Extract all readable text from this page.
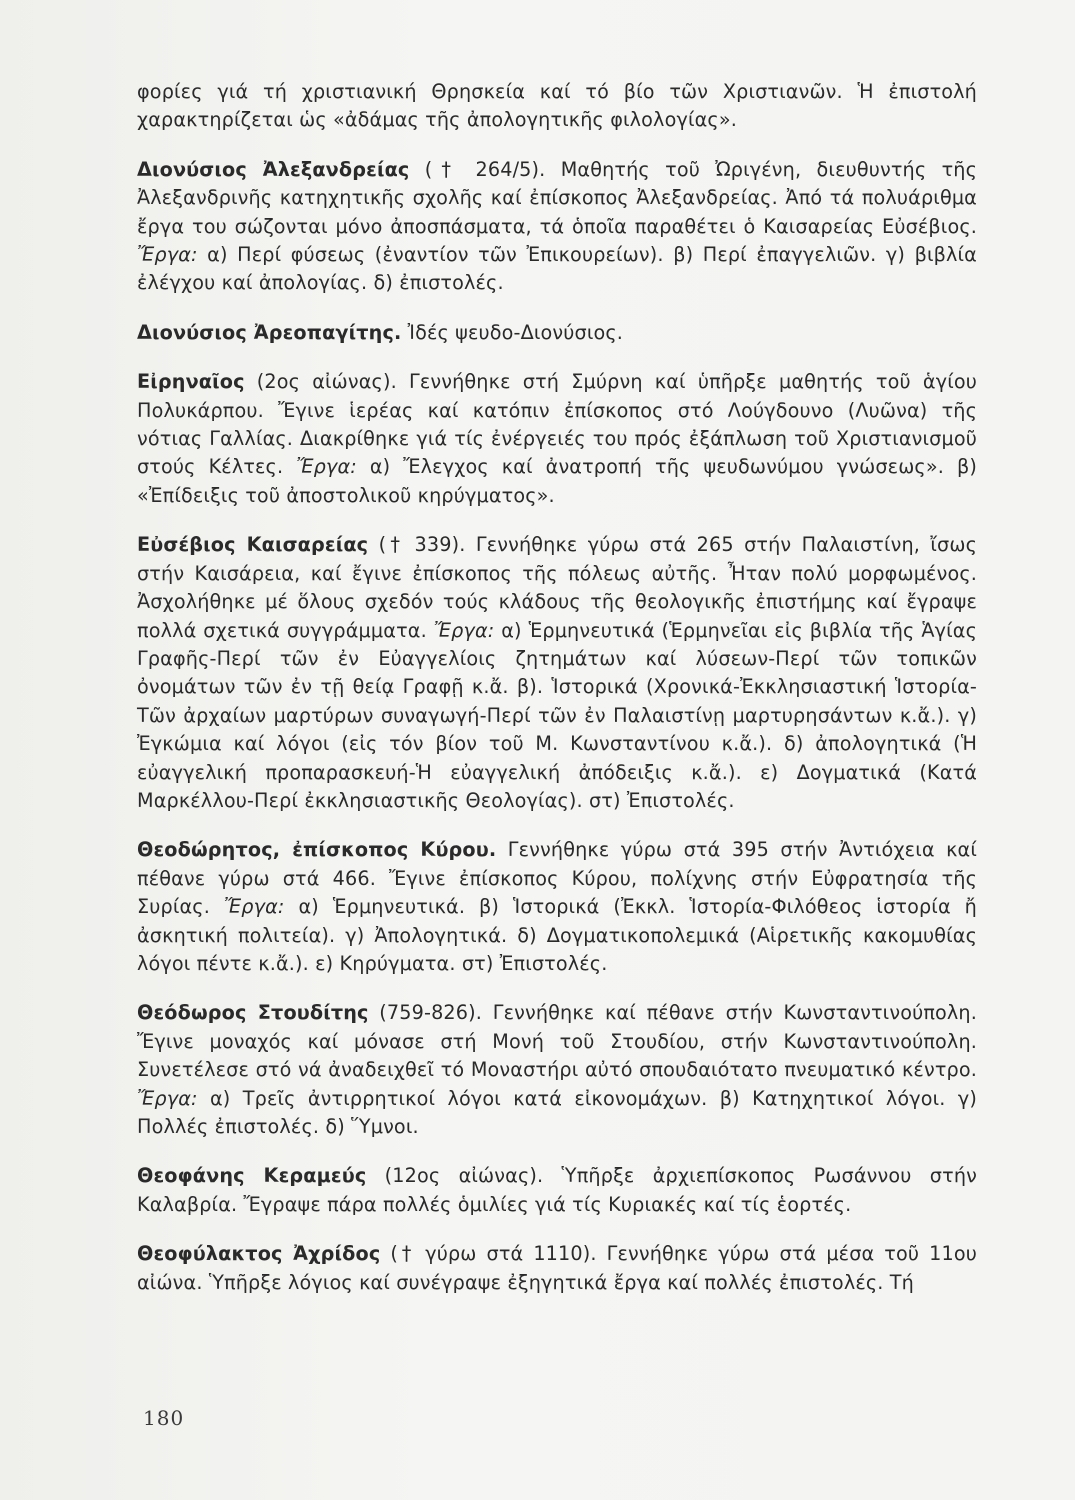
φορίες γιά τή χριστιανική Θρησκεία καί τό βίο τῶν Χριστιανῶν. Ἡ ἐπιστολή χαρακτηρίζεται ὡς «ἀδάμας τῆς ἀπολογητικῆς φιλολογίας».

Διονύσιος Ἀλεξανδρείας († 264/5). Μαθητής τοῦ Ὠριγένη, διευθυντής τῆς Ἀλεξανδρινῆς κατηχητικῆς σχολῆς καί ἐπίσκοπος Ἀλεξανδρείας. Ἀπό τά πολυάριθμα ἔργα του σώζονται μόνο ἀποσπάσματα, τά ὁποῖα παραθέτει ὁ Καισαρείας Εὐσέβιος. Ἔργα: α) Περί φύσεως (ἐναντίον τῶν Ἐπικουρείων). β) Περί ἐπαγγελιῶν. γ) βιβλία ἐλέγχου καί ἀπολογίας. δ) ἐπιστολές.

Διονύσιος Ἀρεοπαγίτης. Ἰδές ψευδο-Διονύσιος.

Εἰρηναῖος (2ος αἰώνας). Γεννήθηκε στή Σμύρνη καί ὑπῆρξε μαθητής τοῦ ἁγίου Πολυκάρπου. Ἔγινε ἱερέας καί κατόπιν ἐπίσκοπος στό Λούγδουνο (Λυῶνα) τῆς νότιας Γαλλίας. Διακρίθηκε γιά τίς ἐνέργειές του πρός ἐξάπλωση τοῦ Χριστιανισμοῦ στούς Κέλτες. Ἔργα: α) Ἔλεγχος καί ἀνατροπή τῆς ψευδωνύμου γνώσεως». β) «Ἐπίδειξις τοῦ ἀποστολικοῦ κηρύγματος».

Εὐσέβιος Καισαρείας († 339). Γεννήθηκε γύρω στά 265 στήν Παλαιστίνη, ἴσως στήν Καισάρεια, καί ἔγινε ἐπίσκοπος τῆς πόλεως αὐτῆς. Ἦταν πολύ μορφωμένος. Ἀσχολήθηκε μέ ὅλους σχεδόν τούς κλάδους τῆς θεολογικῆς ἐπιστήμης καί ἔγραψε πολλά σχετικά συγγράμματα. Ἔργα: α) Ἑρμηνευτικά (Ἑρμηνεῖαι εἰς βιβλία τῆς Ἁγίας Γραφῆς-Περί τῶν ἐν Εὐαγγελίοις ζητημάτων καί λύσεων-Περί τῶν τοπικῶν ὀνομάτων τῶν ἐν τῇ θείᾳ Γραφῇ κ.ἄ. β). Ἱστορικά (Χρονικά-Ἐκκλησιαστική Ἱστορία-Τῶν ἀρχαίων μαρτύρων συναγωγή-Περί τῶν ἐν Παλαιστίνῃ μαρτυρησάντων κ.ἄ.). γ) Ἐγκώμια καί λόγοι (εἰς τόν βίον τοῦ Μ. Κωνσταντίνου κ.ἄ.). δ) ἀπολογητικά (Ἡ εὐαγγελική προπαρασκευή-Ἡ εὐαγγελική ἀπόδειξις κ.ἄ.). ε) Δογματικά (Κατά Μαρκέλλου-Περί ἐκκλησιαστικῆς Θεολογίας). στ) Ἐπιστολές.

Θεοδώρητος, ἐπίσκοπος Κύρου. Γεννήθηκε γύρω στά 395 στήν Ἀντιόχεια καί πέθανε γύρω στά 466. Ἔγινε ἐπίσκοπος Κύρου, πολίχνης στήν Εὐφρατησία τῆς Συρίας. Ἔργα: α) Ἑρμηνευτικά. β) Ἱστορικά (Ἐκκλ. Ἱστορία-Φιλόθεος ἱστορία ἤ ἀσκητική πολιτεία). γ) Ἀπολογητικά. δ) Δογματικοπολεμικά (Αἱρετικῆς κακομυθίας λόγοι πέντε κ.ἄ.). ε) Κηρύγματα. στ) Ἐπιστολές.

Θεόδωρος Στουδίτης (759-826). Γεννήθηκε καί πέθανε στήν Κωνσταντινούπολη. Ἔγινε μοναχός καί μόνασε στή Μονή τοῦ Στουδίου, στήν Κωνσταντινούπολη. Συνετέλεσε στό νά ἀναδειχθεῖ τό Μοναστήρι αὐτό σπουδαιότατο πνευματικό κέντρο. Ἔργα: α) Τρεῖς ἀντιρρητικοί λόγοι κατά εἰκονομάχων. β) Κατηχητικοί λόγοι. γ) Πολλές ἐπιστολές. δ) Ὕμνοι.

Θεοφάνης Κεραμεύς (12ος αἰώνας). Ὑπῆρξε ἀρχιεπίσκοπος Ρωσάννου στήν Καλαβρία. Ἔγραψε πάρα πολλές ὁμιλίες γιά τίς Κυριακές καί τίς ἑορτές.

Θεοφύλακτος Ἀχρίδος († γύρω στά 1110). Γεννήθηκε γύρω στά μέσα τοῦ 11ου αἰώνα. Ὑπῆρξε λόγιος καί συνέγραψε ἐξηγητικά ἔργα καί πολλές ἐπιστολές. Τή

180
